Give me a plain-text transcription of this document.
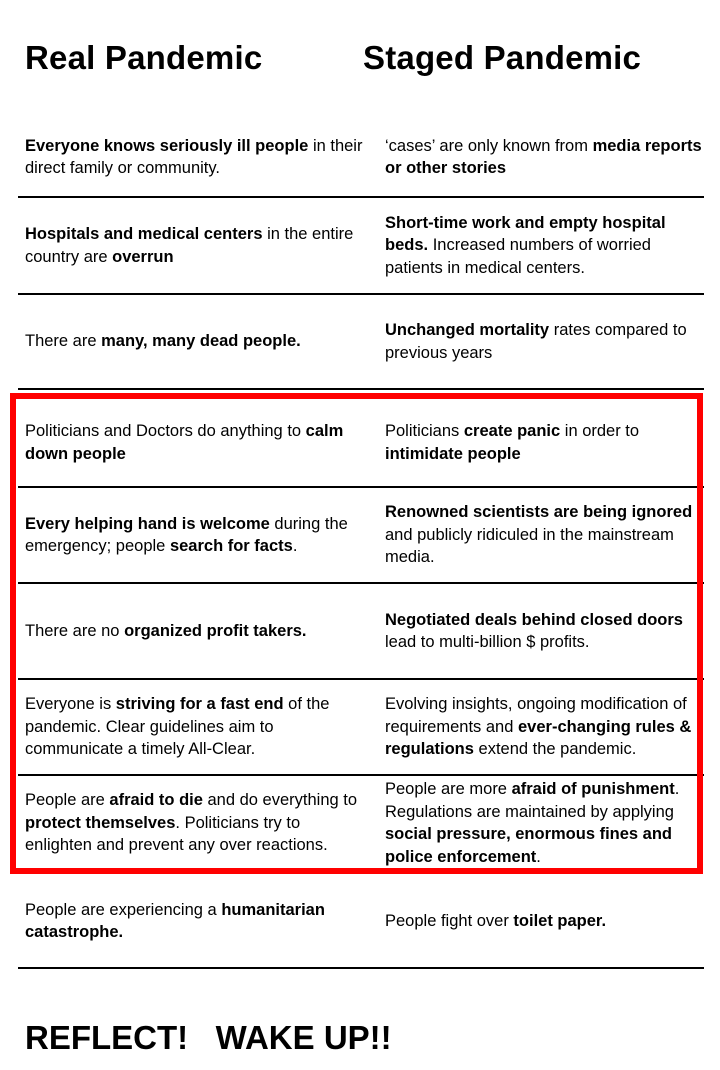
Real Pandemic	Staged Pandemic
Everyone knows seriously ill people in their direct family or community.
‘cases’ are only known from media reports or other stories
Hospitals and medical centers in the entire country are overrun
Short-time work and empty hospital beds. Increased numbers of worried patients in medical centers.
There are many, many dead people.
Unchanged mortality rates compared to previous years
Politicians and Doctors do anything to calm down people
Politicians create panic in order to intimidate people
Every helping hand is welcome during the emergency; people search for facts.
Renowned scientists are being ignored and publicly ridiculed in the mainstream media.
There are no organized profit takers.
Negotiated deals behind closed doors lead to multi-billion $ profits.
Everyone is striving for a fast end of the pandemic. Clear guidelines aim to communicate a timely All-Clear.
Evolving insights, ongoing modification of requirements and ever-changing rules & regulations extend the pandemic.
People are afraid to die and do everything to protect themselves. Politicians try to enlighten and prevent any over reactions.
People are more afraid of punishment. Regulations are maintained by applying social pressure, enormous fines and police enforcement.
People are experiencing a humanitarian catastrophe.
People fight over toilet paper.
REFLECT!   WAKE UP!!
